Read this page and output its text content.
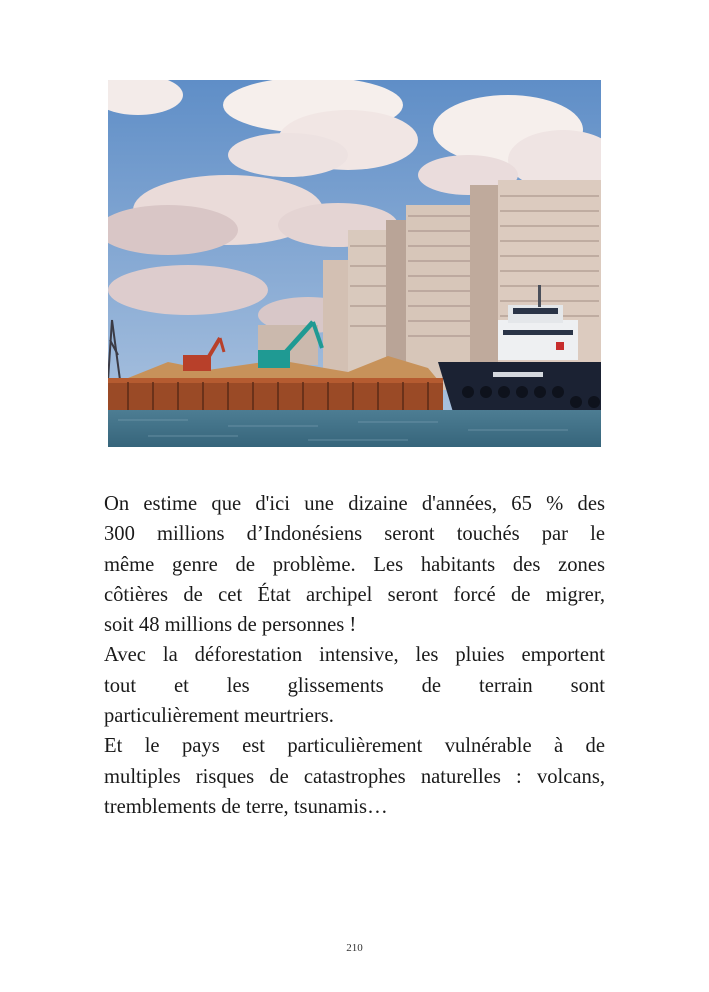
On estime que d'ici une dizaine d'années, 65 % des
300 millions d’Indonésiens seront touchés par le
même genre de problème. Les habitants des zones
côtières de cet État archipel seront forcé de migrer,
soit 48 millions de personnes !

Avec la déforestation intensive, les pluies emportent
tout et les glissements de terrain sont
particulièrement meurtriers.

Et le pays est particulièrement vulnérable à de
multiples risques de catastrophes naturelles : volcans,
tremblements de terre, tsunamis…

210
